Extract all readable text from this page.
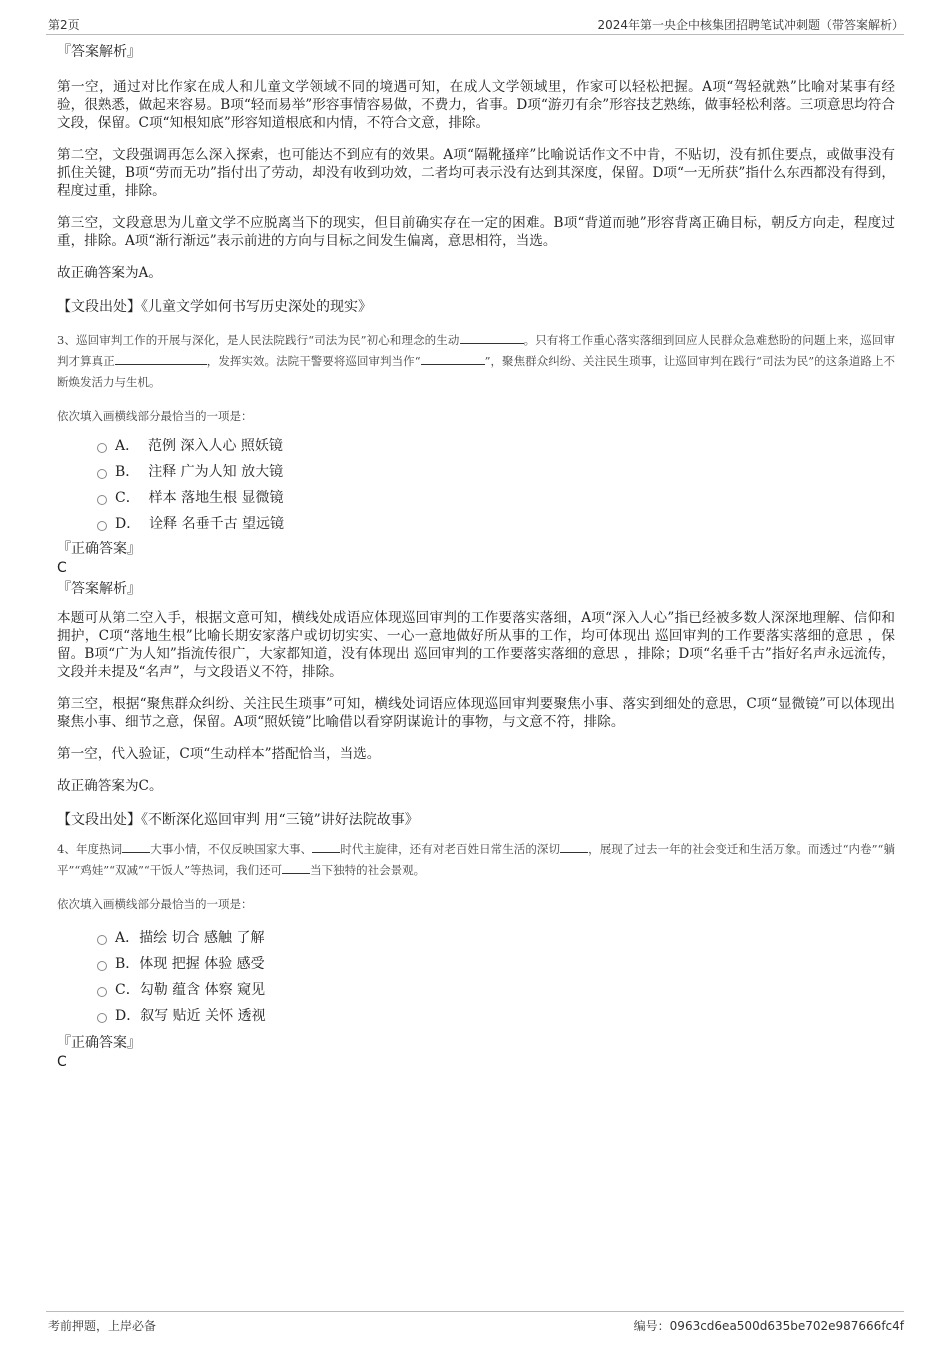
第2页	2024年第一央企中核集团招聘笔试冲刺题（带答案解析）
『答案解析』

第一空，通过对比作家在成人和儿童文学领域不同的境遇可知，在成人文学领域里，作家可以轻松把握。A项“驾轻就熟”比喻对某事有经验，很熟悉，做起来容易。B项“轻而易举”形容事情容易做，不费力，省事。D项“游刃有余”形容技艺熟练，做事轻松利落。三项意思均符合文段，保留。C项“知根知底”形容知道根底和内情，不符合文意，排除。

第二空，文段强调再怎么深入探索，也可能达不到应有的效果。A项“隔靴搔痒”比喻说话作文不中肯，不贴切，没有抓住要点，或做事没有抓住关键，B项“劳而无功”指付出了劳动，却没有收到功效，二者均可表示没有达到其深度，保留。D项“一无所获”指什么东西都没有得到，程度过重，排除。

第三空，文段意思为儿童文学不应脱离当下的现实，但目前确实存在一定的困难。B项“背道而驰”形容背离正确目标，朝反方向走，程度过重，排除。A项“渐行渐远”表示前进的方向与目标之间发生偏离，意思相符，当选。

故正确答案为A。

【文段出处】《儿童文学如何书写历史深处的现实》

3、巡回审判工作的开展与深化，是人民法院践行“司法为民”初心和理念的生动	。只有将工作重心落实落细到回应人民群众急难愁盼的问题上来，巡回审判才算真正	，发挥实效。法院干警要将巡回审判当作“	”，聚焦群众纠纷、关注民生琐事，让巡回审判在践行“司法为民”的这条道路上不断焕发活力与生机。

依次填入画横线部分最恰当的一项是：
A．
范例 深入人心 照妖镜
B．
注释 广为人知 放大镜
C．
样本 落地生根 显微镜
D．
诠释 名垂千古 望远镜
『正确答案』
C
『答案解析』

本题可从第二空入手，根据文意可知，横线处成语应体现巡回审判的工作要落实落细，A项“深入人心”指已经被多数人深深地理解、信仰和拥护，C项“落地生根”比喻长期安家落户或切切实实、一心一意地做好所从事的工作，均可体现出 巡回审判的工作要落实落细的意思 ，保留。B项“广为人知”指流传很广，大家都知道，没有体现出 巡回审判的工作要落实落细的意思 ，排除；D项“名垂千古”指好名声永远流传，文段并未提及“名声”，与文段语义不符，排除。

第三空，根据“聚焦群众纠纷、关注民生琐事”可知，横线处词语应体现巡回审判要聚焦小事、落实到细处的意思，C项“显微镜”可以体现出聚焦小事、细节之意，保留。A项“照妖镜”比喻借以看穿阴谋诡计的事物，与文意不符，排除。

第一空，代入验证，C项“生动样本”搭配恰当，当选。

故正确答案为C。

【文段出处】《不断深化巡回审判 用“三镜”讲好法院故事》

4、年度热词 大事小情，不仅反映国家大事、 时代主旋律，还有对老百姓日常生活的深切 ，展现了过去一年的社会变迁和生活万象。而透过“内卷”“躺平”“鸡娃”“双减”“干饭人”等热词，我们还可 当下独特的社会景观。

依次填入画横线部分最恰当的一项是：
A． 描绘 切合 感触 了解
B． 体现 把握 体验 感受
C． 勾勒 蕴含 体察 窥见
D． 叙写 贴近 关怀 透视
『正确答案』
C
考前押题，上岸必备	编号：0963cd6ea500d635be702e987666fc4f
